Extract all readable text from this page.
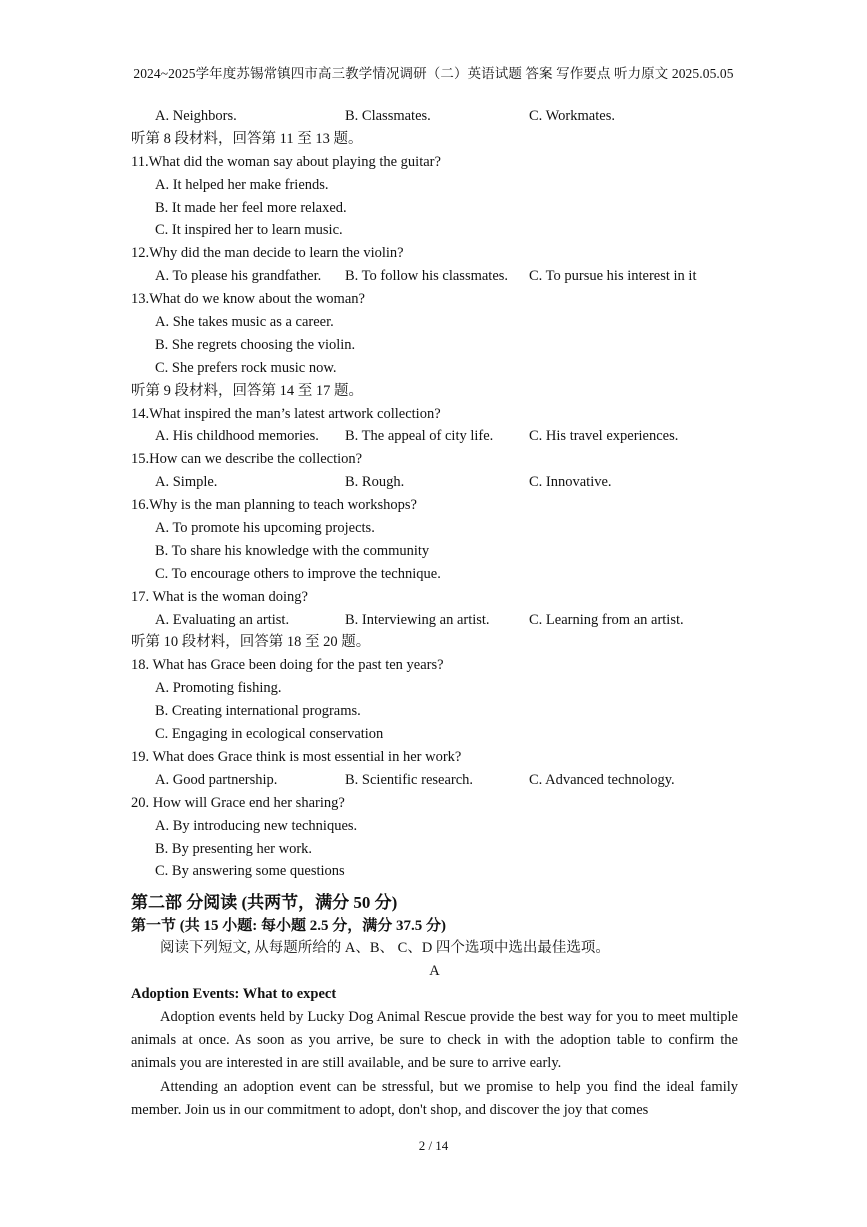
2024~2025学年度苏锡常镇四市高三教学情况调研（二）英语试题 答案 写作要点 听力原文 2025.05.05
A. Neighbors.	B. Classmates.	C. Workmates.
听第 8 段材料，回答第 11 至 13 题。
11.What did the woman say about playing the guitar?
A. It helped her make friends.
B. It made her feel more relaxed.
C. It inspired her to learn music.
12.Why did the man decide to learn the violin?
A. To please his grandfather. B. To follow his classmates. C. To pursue his interest in it
13.What do we know about the woman?
A. She takes music as a career.
B. She regrets choosing the violin.
C. She prefers rock music now.
听第 9 段材料，回答第 14 至 17 题。
14.What inspired the man’s latest artwork collection?
A. His childhood memories. B. The appeal of city life. C. His travel experiences.
15.How can we describe the collection?
A. Simple.	B. Rough.	C. Innovative.
16.Why is the man planning to teach workshops?
A. To promote his upcoming projects.
B. To share his knowledge with the community
C. To encourage others to improve the technique.
17. What is the woman doing?
A. Evaluating an artist.	B. Interviewing an artist.	C. Learning from an artist.
听第 10 段材料，回答第 18 至 20 题。
18. What has Grace been doing for the past ten years?
A. Promoting fishing.
B. Creating international programs.
C. Engaging in ecological conservation
19. What does Grace think is most essential in her work?
A. Good partnership.	B. Scientific research.	C. Advanced technology.
20. How will Grace end her sharing?
A. By introducing new techniques.
B. By presenting her work.
C. By answering some questions
第二部 分阅读 (共两节，满分 50 分)
第一节 (共 15 小题: 每小题 2.5 分，满分 37.5 分)
阅读下列短文, 从每题所给的 A、B、 C、D 四个选项中选出最佳选项。
A
Adoption Events: What to expect

Adoption events held by Lucky Dog Animal Rescue provide the best way for you to meet multiple animals at once. As soon as you arrive, be sure to check in with the adoption table to confirm the animals you are interested in are still available, and be sure to arrive early.

Attending an adoption event can be stressful, but we promise to help you find the ideal family member. Join us in our commitment to adopt, don't shop, and discover the joy that comes

2 / 14
